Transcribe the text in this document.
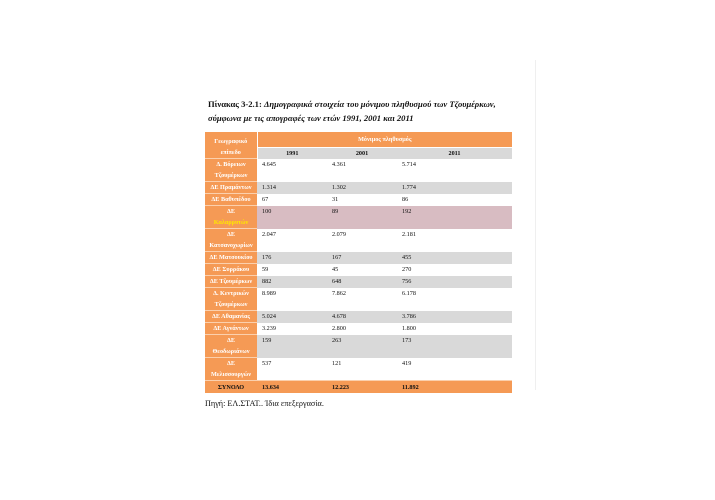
Πίνακας 3-2.1: Δημογραφικά στοιχεία του μόνιμου πληθυσμού των Τζουμέρκων,
σύμφωνα με τις απογραφές των ετών 1991, 2001 και 2011
Γεωγραφικό
επίπεδο	Μόνιμος πληθυσμός		
	1991	2001	2011

Δ. Βόρειων
Τζουμέρκων	4.645	4.361	5.714

ΔΕ Πραμάντων	1.314	1.302	1.774

ΔΕ Βαθυπέδου	67	31	86

ΔΕ
Καλαρρυτών	100	89	192

ΔΕ
Κατσανοχωρίων	2.047	2.079	2.181

ΔΕ Ματσουκίου	176	167	455

ΔΕ Συρράκου	59	45	270

ΔΕ Τζουμέρκων	882	648	756

Δ. Κεντρικών
Τζουμέρκων	8.989	7.862	6.178

ΔΕ Αθαμανίας	5.024	4.678	3.786

ΔΕ Αγνάντων	3.239	2.800	1.800

ΔΕ
Θεοδωριάνων	159	263	173

ΔΕ
Μελισσουργών	537	121	419
ΣΥΝΟΛΟ	13.634	12.223	11.892
Πηγή: ΕΛ.ΣΤΑΤ.. Ίδια επεξεργασία.
